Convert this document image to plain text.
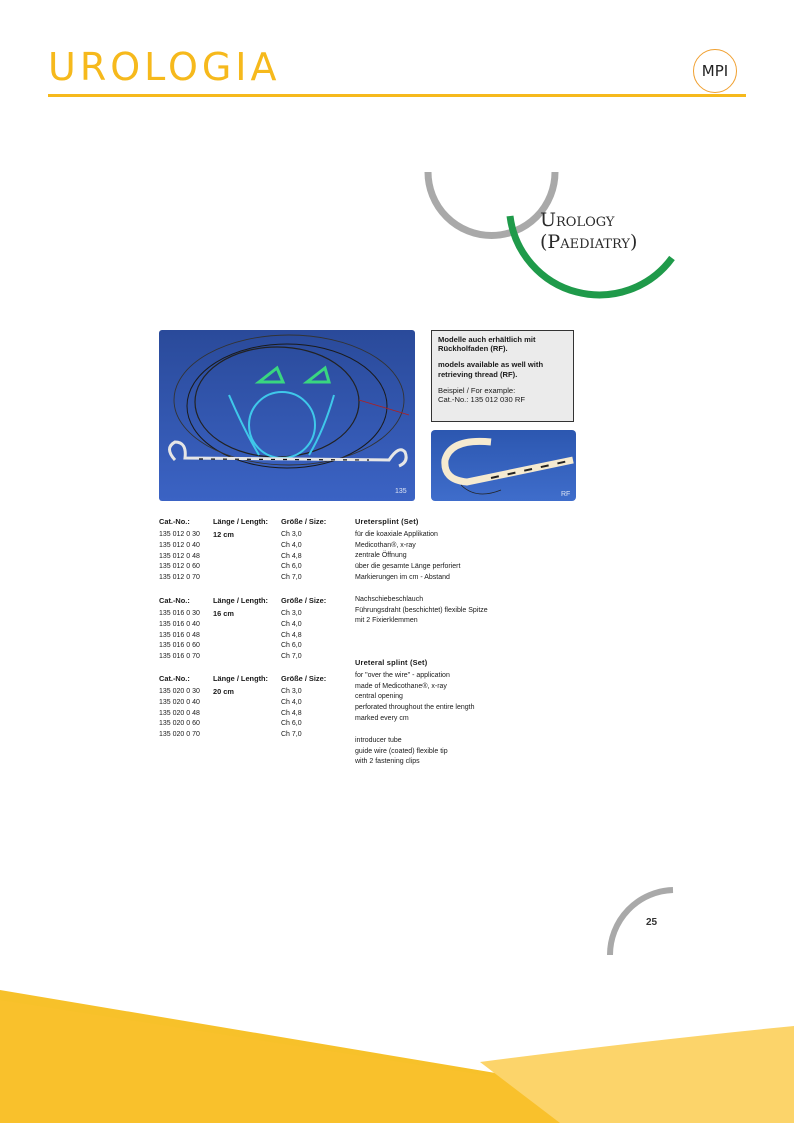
UROLOGIA	MPI
Urology
(Paediatry)
135
Modelle auch erhältlich mit Rückholfaden (RF).
models available as well with retrieving thread (RF).
Beispiel / For example:
Cat.-No.: 135 012 030 RF
RF
Cat.-No.:	Länge / Length: Größe / Size:
12 cm
135 012 0 30	Ch 3,0
135 012 0 40	Ch 4,0
135 012 0 48	Ch 4,8
135 012 0 60	Ch 6,0
135 012 0 70	Ch 7,0
Cat.-No.:	Länge / Length: Größe / Size:
16 cm
135 016 0 30	Ch 3,0
135 016 0 40	Ch 4,0
135 016 0 48	Ch 4,8
135 016 0 60	Ch 6,0
135 016 0 70	Ch 7,0
Cat.-No.:	Länge / Length: Größe / Size:
20 cm
135 020 0 30	Ch 3,0
135 020 0 40	Ch 4,0
135 020 0 48	Ch 4,8
135 020 0 60	Ch 6,0
135 020 0 70	Ch 7,0
Uretersplint (Set)
für die koaxiale Applikation
Medicothan®, x-ray
zentrale Öffnung
über die gesamte Länge perforiert
Markierungen im cm - Abstand
Nachschiebeschlauch
Führungsdraht (beschichtet) flexible Spitze
mit 2 Fixierklemmen
Ureteral splint (Set)
for "over the wire" - application
made of Medicothane®, x-ray
central opening
perforated throughout the entire length
marked every cm
introducer tube
guide wire (coated) flexible tip
with 2 fastening clips
25
